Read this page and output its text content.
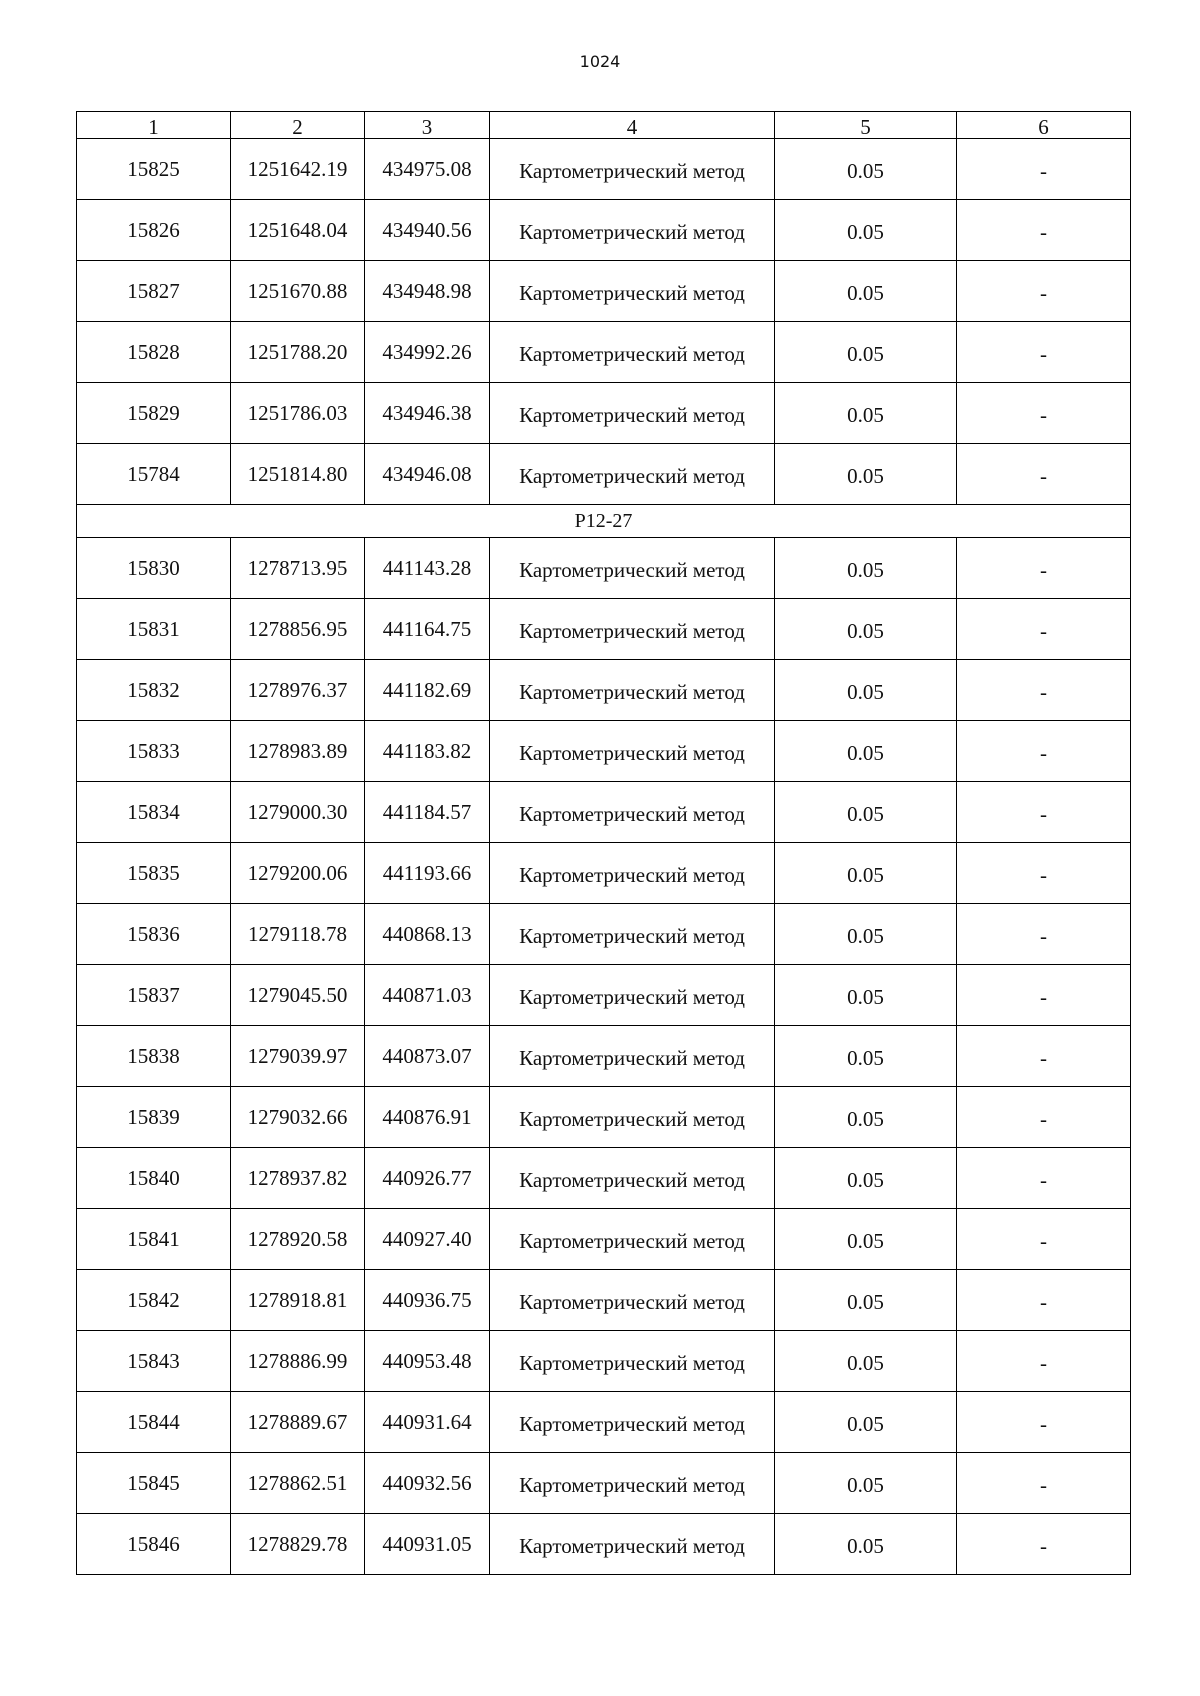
1024
1	2	3	4	5	6
15825	1251642.19	434975.08	Картометрический метод	0.05	-
15826	1251648.04	434940.56	Картометрический метод	0.05	-
15827	1251670.88	434948.98	Картометрический метод	0.05	-
15828	1251788.20	434992.26	Картометрический метод	0.05	-
15829	1251786.03	434946.38	Картометрический метод	0.05	-
15784	1251814.80	434946.08	Картометрический метод	0.05	-
P12-27					
15830	1278713.95	441143.28	Картометрический метод	0.05	-
15831	1278856.95	441164.75	Картометрический метод	0.05	-
15832	1278976.37	441182.69	Картометрический метод	0.05	-
15833	1278983.89	441183.82	Картометрический метод	0.05	-
15834	1279000.30	441184.57	Картометрический метод	0.05	-
15835	1279200.06	441193.66	Картометрический метод	0.05	-
15836	1279118.78	440868.13	Картометрический метод	0.05	-
15837	1279045.50	440871.03	Картометрический метод	0.05	-
15838	1279039.97	440873.07	Картометрический метод	0.05	-
15839	1279032.66	440876.91	Картометрический метод	0.05	-
15840	1278937.82	440926.77	Картометрический метод	0.05	-
15841	1278920.58	440927.40	Картометрический метод	0.05	-
15842	1278918.81	440936.75	Картометрический метод	0.05	-
15843	1278886.99	440953.48	Картометрический метод	0.05	-
15844	1278889.67	440931.64	Картометрический метод	0.05	-
15845	1278862.51	440932.56	Картометрический метод	0.05	-
15846	1278829.78	440931.05	Картометрический метод	0.05	-
